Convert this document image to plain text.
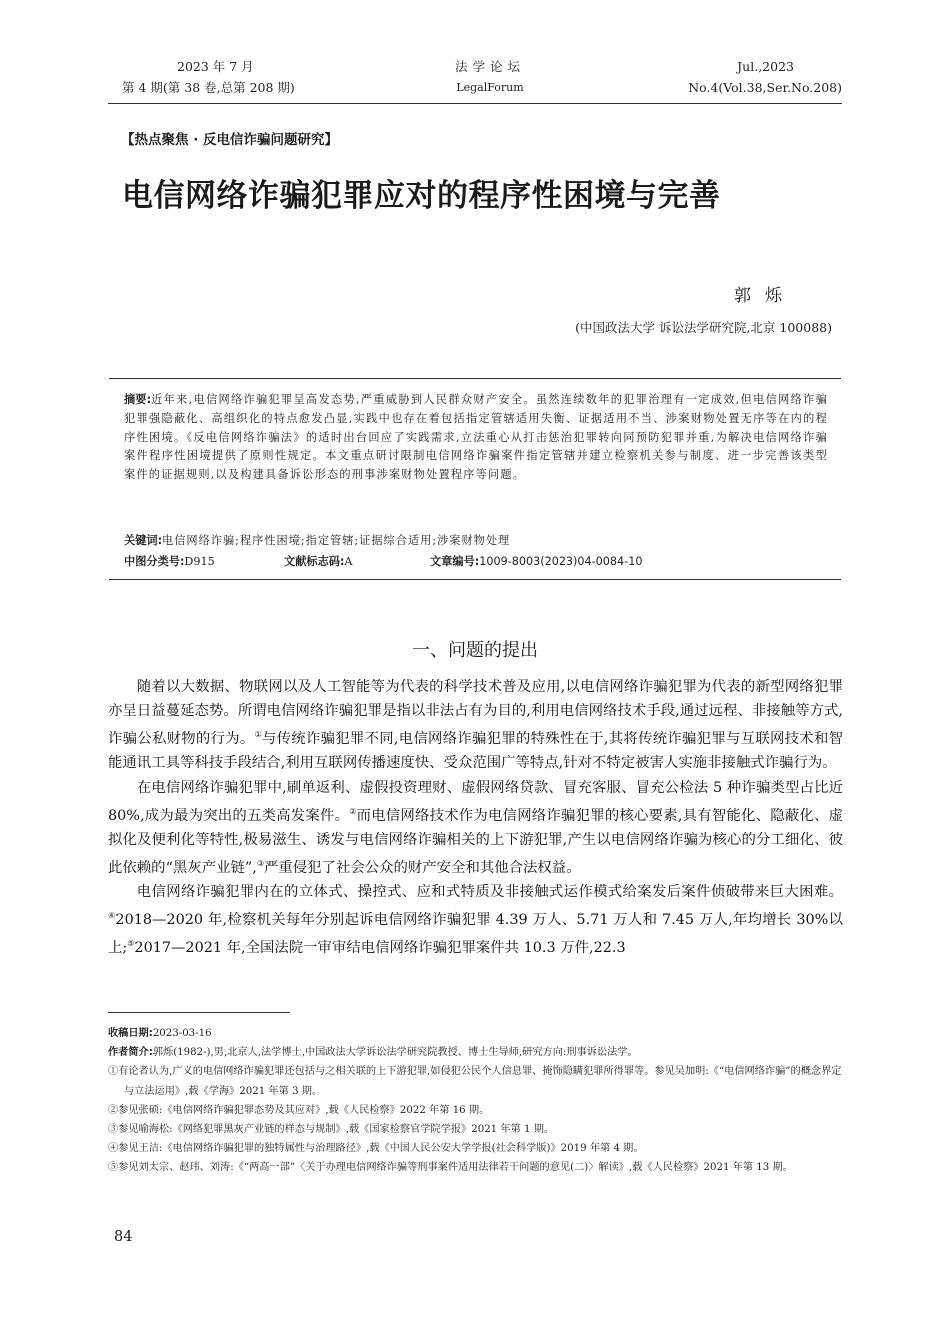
2023 年 7 月
第 4 期(第 38 卷,总第 208 期)
法学论坛
LegalForum
Jul.,2023
No.4(Vol.38,Ser.No.208)
【热点聚焦 · 反电信诈骗问题研究】
电信网络诈骗犯罪应对的程序性困境与完善
郭烁
(中国政法大学 诉讼法学研究院,北京 100088)
摘要:近年来,电信网络诈骗犯罪呈高发态势,严重威胁到人民群众财产安全。虽然连续数年的犯罪治理有一定成效,但电信网络诈骗犯罪强隐蔽化、高组织化的特点愈发凸显,实践中也存在着包括指定管辖适用失衡、证据适用不当、涉案财物处置无序等在内的程序性困境。《反电信网络诈骗法》的适时出台回应了实践需求,立法重心从打击惩治犯罪转向同预防犯罪并重,为解决电信网络诈骗案件程序性困境提供了原则性规定。本文重点研讨限制电信网络诈骗案件指定管辖并建立检察机关参与制度、进一步完善该类型案件的证据规则,以及构建具备诉讼形态的刑事涉案财物处置程序等问题。
关键词:电信网络诈骗;程序性困境;指定管辖;证据综合适用;涉案财物处理
中图分类号:D915	文献标志码:A	文章编号:1009-8003(2023)04-0084-10
一、问题的提出

随着以大数据、物联网以及人工智能等为代表的科学技术普及应用,以电信网络诈骗犯罪为代表的新型网络犯罪亦呈日益蔓延态势。所谓电信网络诈骗犯罪是指以非法占有为目的,利用电信网络技术手段,通过远程、非接触等方式,诈骗公私财物的行为。①与传统诈骗犯罪不同,电信网络诈骗犯罪的特殊性在于,其将传统诈骗犯罪与互联网技术和智能通讯工具等科技手段结合,利用互联网传播速度快、受众范围广等特点,针对不特定被害人实施非接触式诈骗行为。

在电信网络诈骗犯罪中,刷单返利、虚假投资理财、虚假网络贷款、冒充客服、冒充公检法 5 种诈骗类型占比近 80%,成为最为突出的五类高发案件。②而电信网络技术作为电信网络诈骗犯罪的核心要素,具有智能化、隐蔽化、虚拟化及便利化等特性,极易滋生、诱发与电信网络诈骗相关的上下游犯罪,产生以电信网络诈骗为核心的分工细化、彼此依赖的“黑灰产业链”,③严重侵犯了社会公众的财产安全和其他合法权益。

电信网络诈骗犯罪内在的立体式、操控式、应和式特质及非接触式运作模式给案发后案件侦破带来巨大困难。④2018—2020 年,检察机关每年分别起诉电信网络诈骗犯罪 4.39 万人、5.71 万人和 7.45 万人,年均增长 30%以上;⑤2017—2021 年,全国法院一审审结电信网络诈骗犯罪案件共 10.3 万件,22.3

收稿日期:2023-03-16
作者简介:郭烁(1982-),男,北京人,法学博士,中国政法大学诉讼法学研究院教授、博士生导师,研究方向:刑事诉讼法学。
①有论者认为,广义的电信网络诈骗犯罪还包括与之相关联的上下游犯罪,如侵犯公民个人信息罪、掩饰隐瞒犯罪所得罪等。参见吴加明:《“电信网络诈骗”的概念界定与立法运用》,载《学海》2021 年第 3 期。
②参见张硕:《电信网络诈骗犯罪态势及其应对》,载《人民检察》2022 年第 16 期。
③参见喻海松:《网络犯罪黑灰产业链的样态与规制》,载《国家检察官学院学报》2021 年第 1 期。
④参见王洁:《电信网络诈骗犯罪的独特属性与治理路径》,载《中国人民公安大学学报(社会科学版)》2019 年第 4 期。
⑤参见刘太宗、赵玮、刘涛:《“两高一部”〈关于办理电信网络诈骗等刑事案件适用法律若干问题的意见(二)〉解读》,载《人民检察》2021 年第 13 期。
84
